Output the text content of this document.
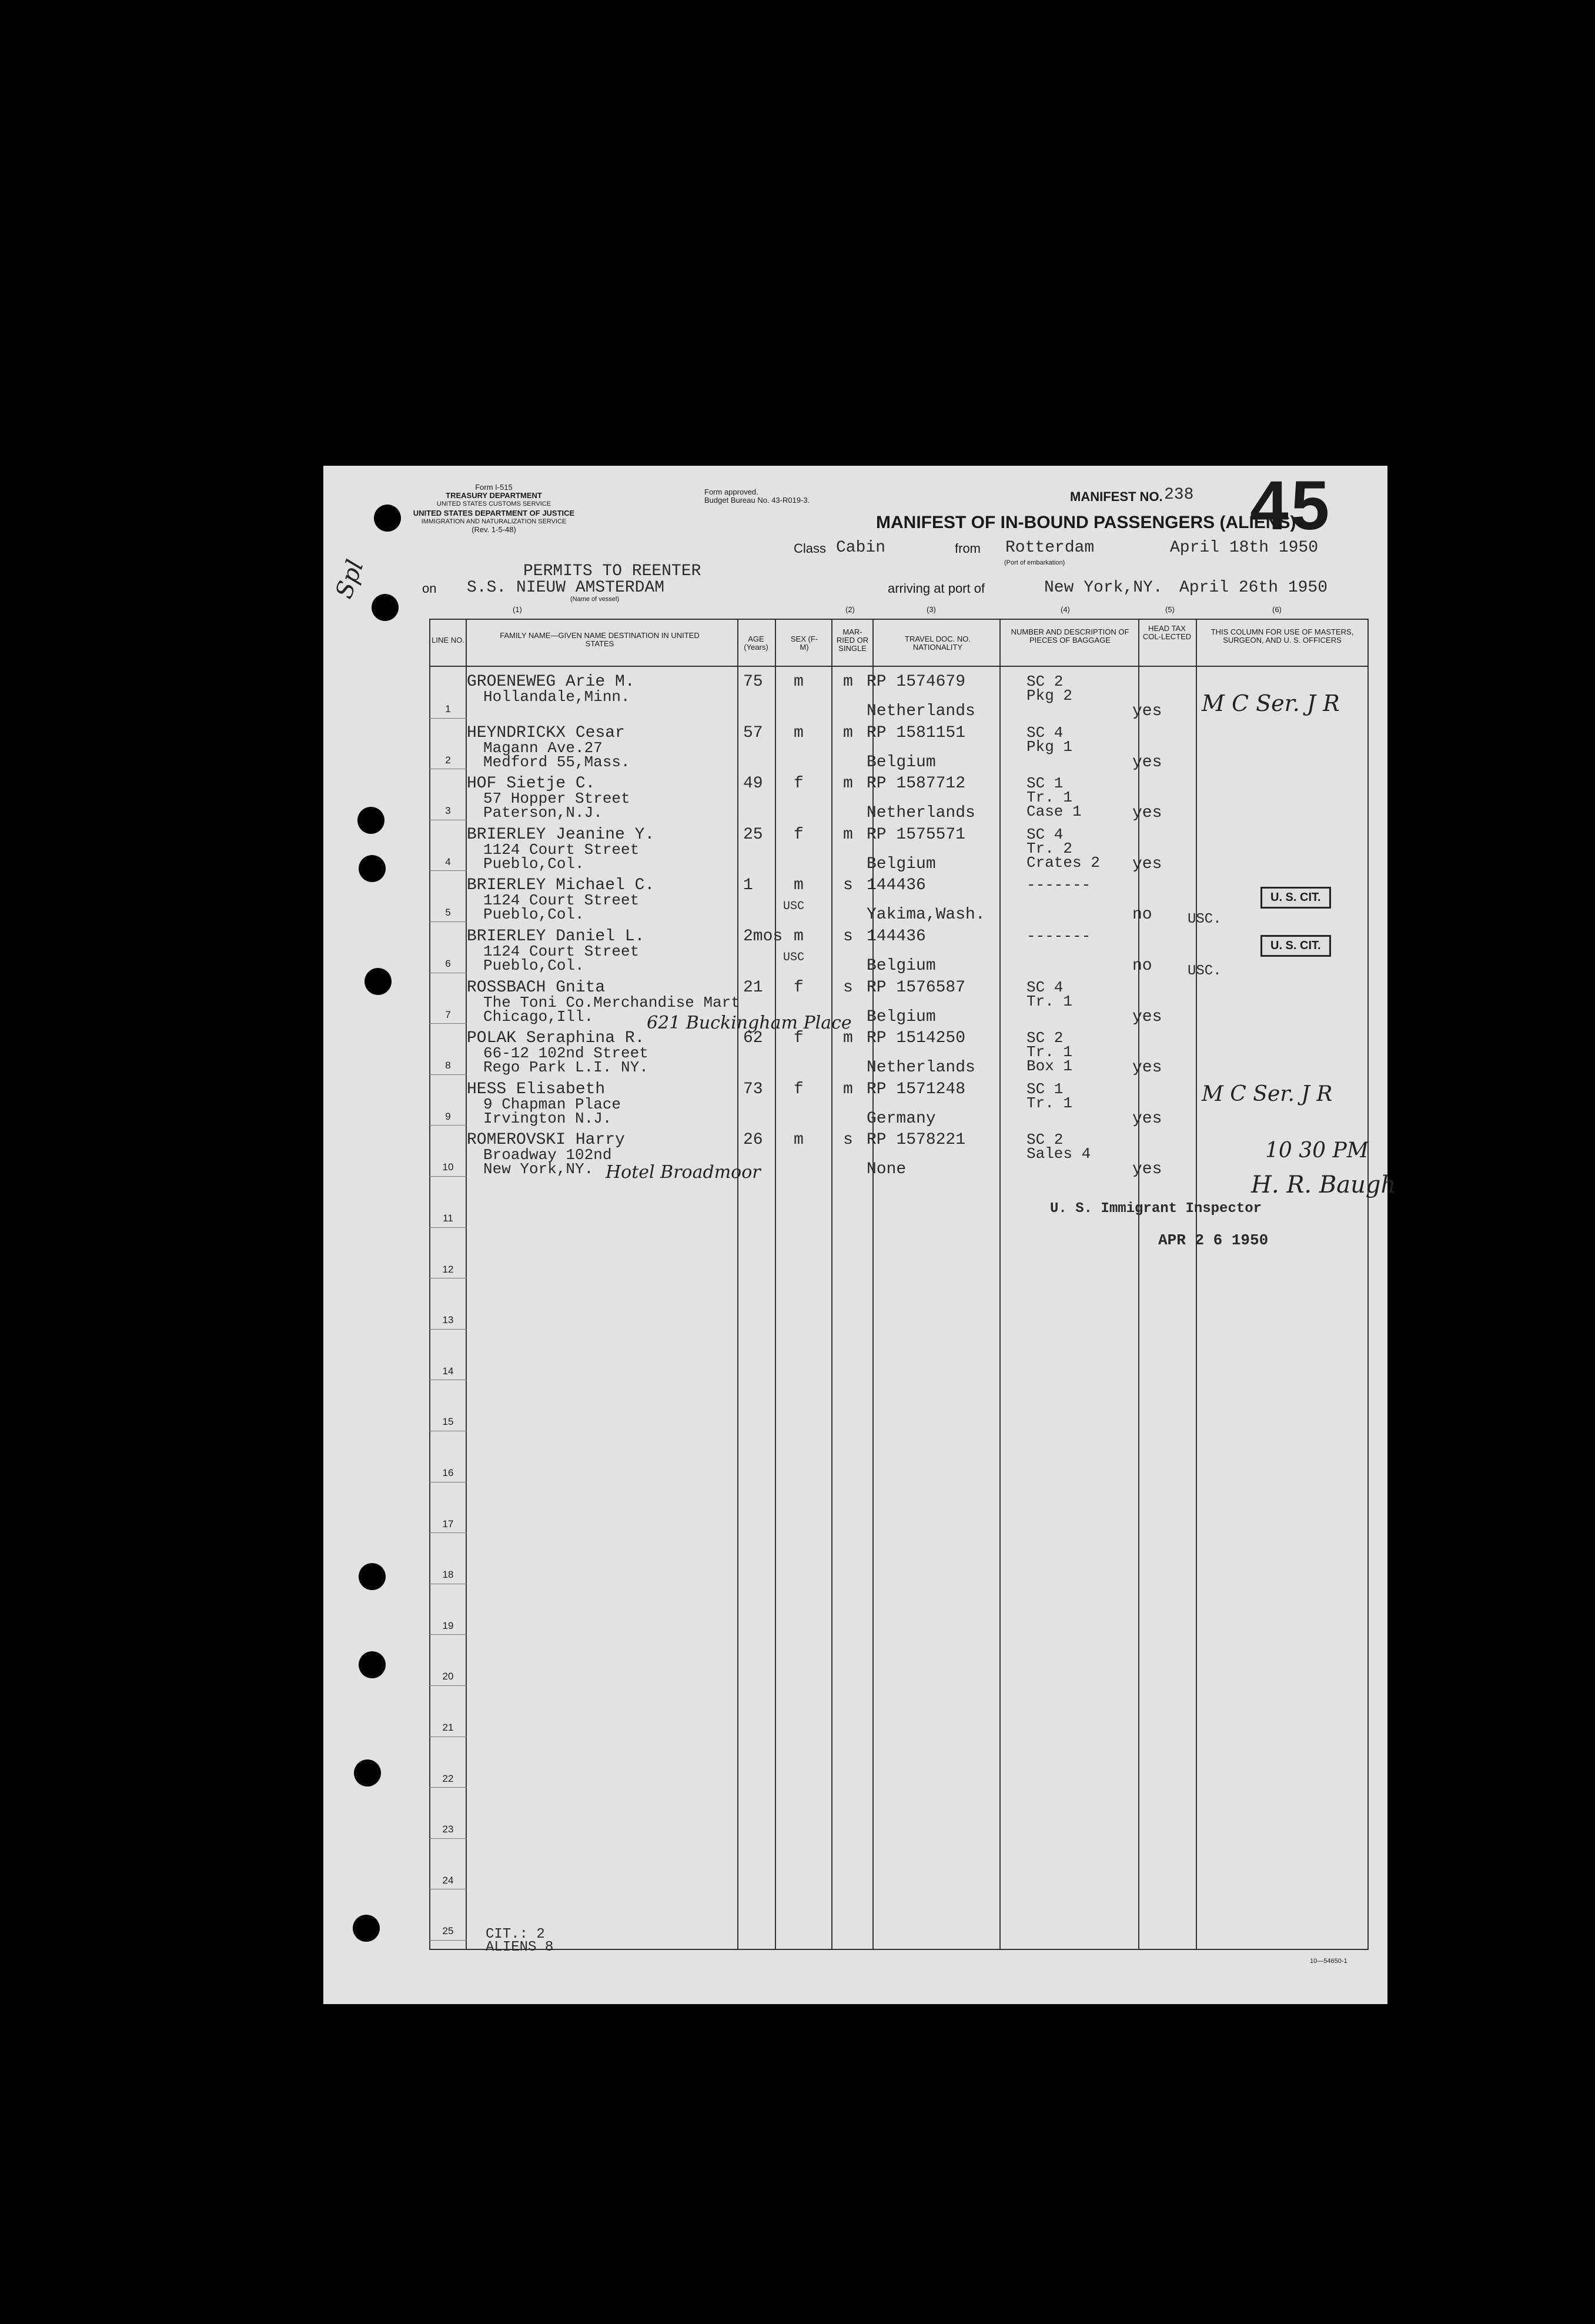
Spl
Form I-515
TREASURY DEPARTMENT
UNITED STATES CUSTOMS SERVICE
UNITED STATES DEPARTMENT OF JUSTICE
IMMIGRATION AND NATURALIZATION SERVICE
(Rev. 1-5-48)
Form approved.
Budget Bureau No. 43-R019-3.	MANIFEST NO. 238 45
MANIFEST OF IN-BOUND PASSENGERS (ALIENS)
Class Cabin	from Rotterdam
(Port of embarkation)
April 18th 1950
PERMITS TO REENTER
on S.S. NIEUW AMSTERDAM
(Name of vessel)
arriving at port of	New York,NY. April 26th 1950
(1)	(2)	(3)	(4)	(5)	(6)
LINE NO.
FAMILY NAME—GIVEN NAME DESTINATION IN UNITED STATES
AGE (Years)
SEX (F-M)
MAR-RIED OR SINGLE
TRAVEL DOC. NO. NATIONALITY
NUMBER AND DESCRIPTION OF PIECES OF BAGGAGE
HEAD TAX COL-LECTED
THIS COLUMN FOR USE OF MASTERS, SURGEON, AND U. S. OFFICERS
1
GROENEWEG Arie M.
Hollandale,Minn.
75 m m RP 1574679
Netherlands
SC 2
Pkg 2
yes
2
HEYNDRICKX Cesar
Magann Ave.27
Medford 55,Mass.
57 m m RP 1581151
Belgium
SC 4
Pkg 1
yes
3
HOF Sietje C.
57 Hopper Street
Paterson,N.J.
49 f m RP 1587712
Netherlands
SC 1
Tr. 1
Case 1	yes
4
BRIERLEY Jeanine Y.
1124 Court Street
Pueblo,Col.
25 f m RP 1575571
Belgium
SC 4
Tr. 2
Crates 2 yes
5
BRIERLEY Michael C.
1124 Court Street
Pueblo,Col.
1 m s 144436
Yakima,Wash.
-------
no
USC
6
BRIERLEY Daniel L.
1124 Court Street
Pueblo,Col.
2mos m s 144436
Belgium
-------
no
USC
7
ROSSBACH Gnita
The Toni Co.Merchandise Mart
Chicago,Ill.
21 f s RP 1576587
Belgium
SC 4
Tr. 1
yes
8
POLAK Seraphina R.
66-12 102nd Street
Rego Park L.I. NY.
62 f m RP 1514250
Netherlands
SC 2
Tr. 1
Box 1	yes
9
HESS Elisabeth
9 Chapman Place
Irvington N.J.
73 f m RP 1571248
Germany
SC 1
Tr. 1
yes
10
ROMEROVSKI Harry
Broadway 102nd
New York,NY.
26 m s RP 1578221
None
SC 2
Sales 4
yes
11
12
13
14
15
16
17
18
19
20
21
22
23
24
25
U. S. CIT.
U. S. CIT.
USC.
USC.
M C Ser. J R
621 Buckingham Place
M C Ser. J R
Hotel Broadmoor
10 30 PM
H. R. Baugh
U. S. Immigrant Inspector
APR 2 6 1950
CIT.: 2
ALIENS 8
10—54650-1
